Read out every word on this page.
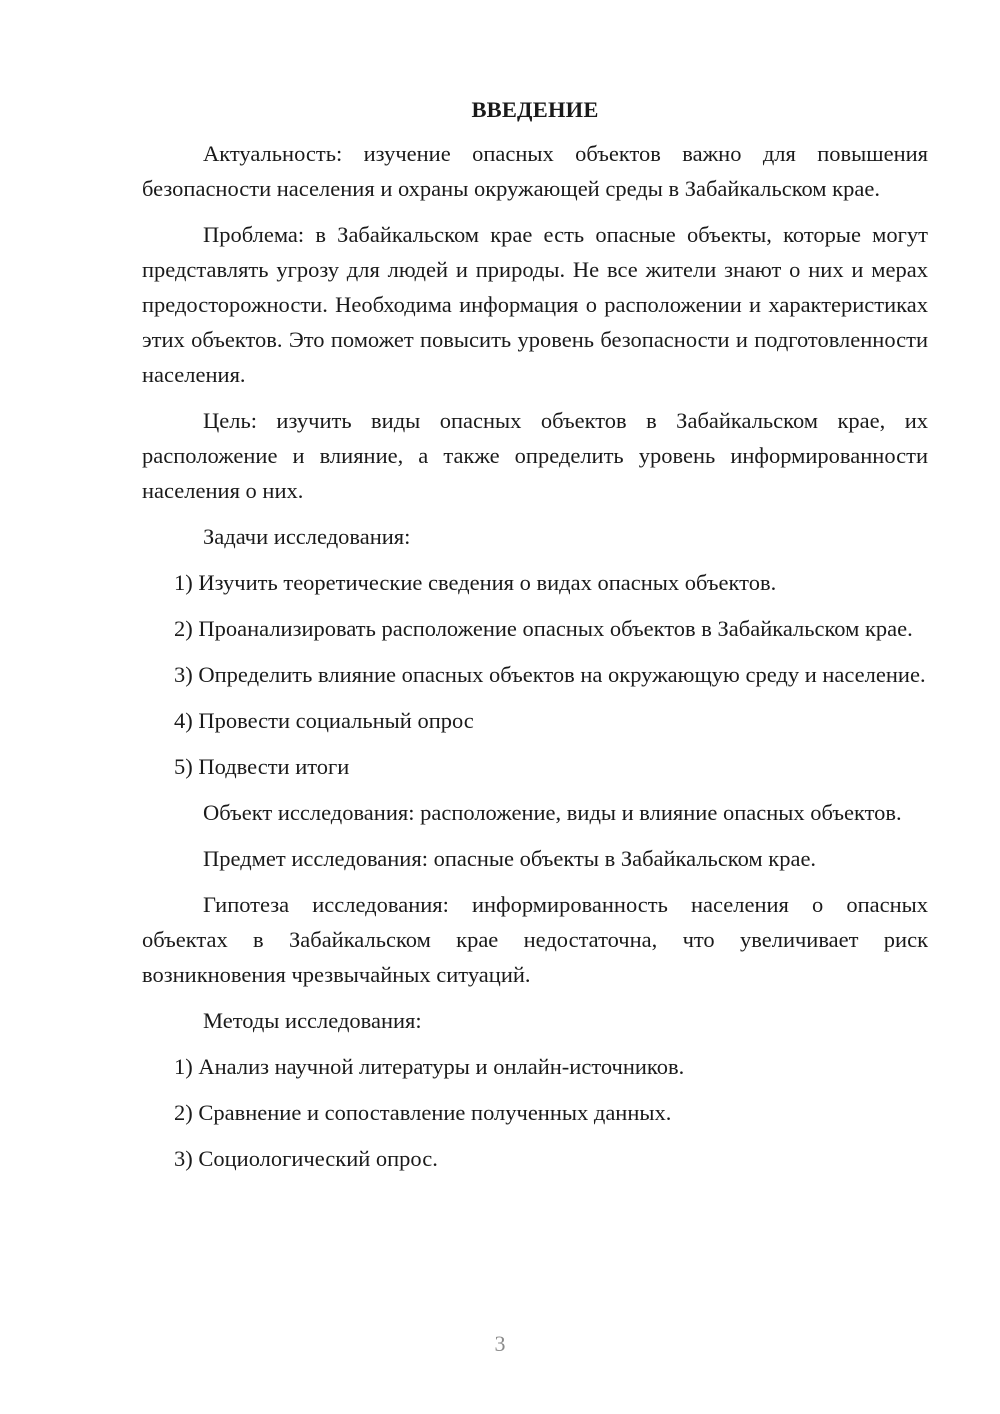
ВВЕДЕНИЕ
Актуальность: изучение опасных объектов важно для повышения безопасности населения и охраны окружающей среды в Забайкальском крае.
Проблема: в Забайкальском крае есть опасные объекты, которые могут представлять угрозу для людей и природы. Не все жители знают о них и мерах предосторожности. Необходима информация о расположении и характеристиках этих объектов. Это поможет повысить уровень безопасности и подготовленности населения.
Цель: изучить виды опасных объектов в Забайкальском крае, их расположение и влияние, а также определить уровень информированности населения о них.
Задачи исследования:
1) Изучить теоретические сведения о видах опасных объектов.
2) Проанализировать расположение опасных объектов в Забайкальском крае.
3) Определить влияние опасных объектов на окружающую среду и население.
4) Провести социальный опрос
5) Подвести итоги
Объект исследования: расположение, виды и влияние опасных объектов.
Предмет исследования: опасные объекты в Забайкальском крае.
Гипотеза исследования: информированность населения о опасных объектах в Забайкальском крае недостаточна, что увеличивает риск возникновения чрезвычайных ситуаций.
Методы исследования:
1) Анализ научной литературы и онлайн-источников.
2) Сравнение и сопоставление полученных данных.
3) Социологический опрос.
3
